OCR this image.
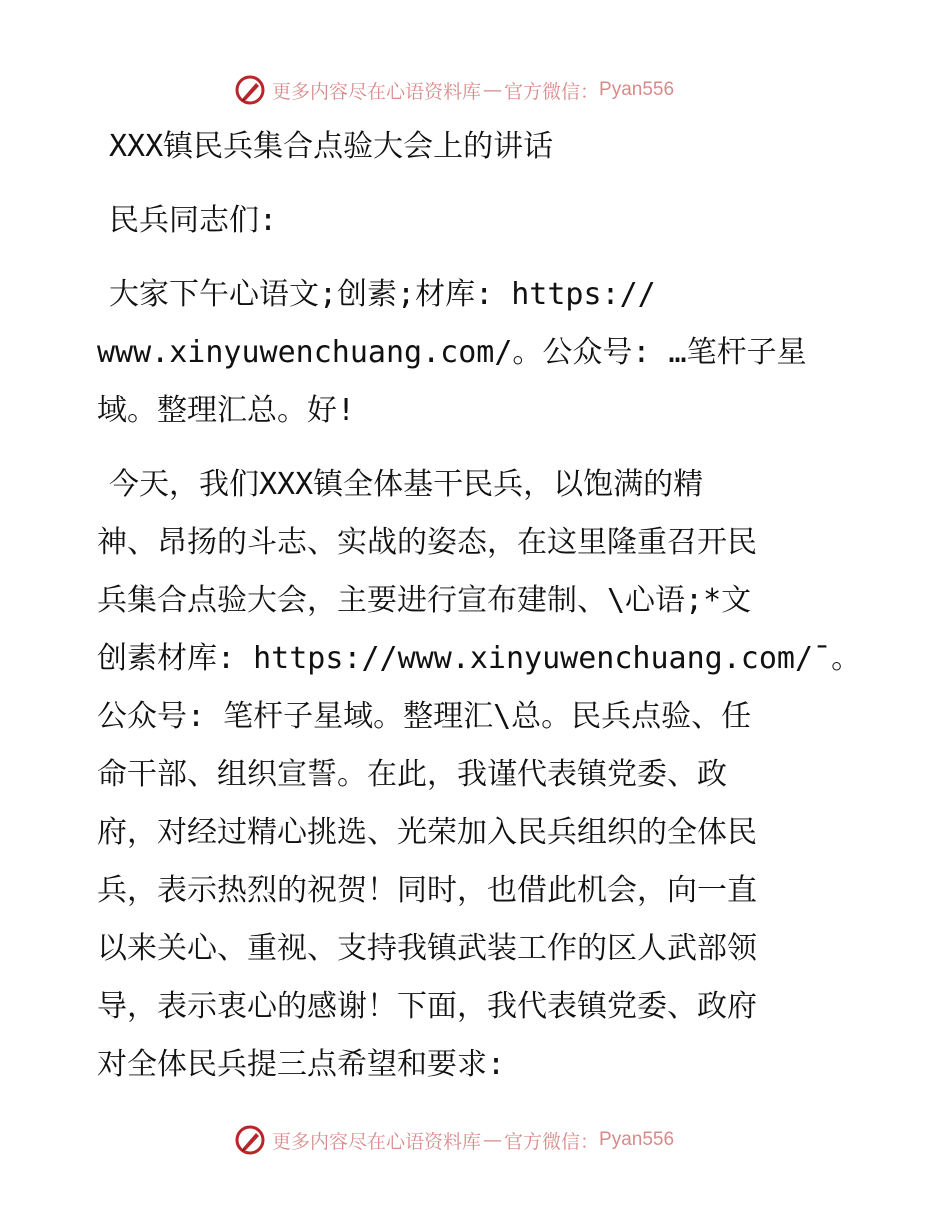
更多内容尽在心语资料库 — 官方微信： Pyan556
XXX镇民兵集合点验大会上的讲话
民兵同志们:
大家下午心语文;创素;材库: https://
www.xinyuwenchuang.com/。公众号: …笔杆子星
域。整理汇总。好!
今天，我们XXX镇全体基干民兵，以饱满的精
神、昂扬的斗志、实战的姿态，在这里隆重召开民
兵集合点验大会，主要进行宣布建制、\心语;*文
创素材库: https://www.xinyuwenchuang.com/¯。
公众号: 笔杆子星域。整理汇\总。民兵点验、任
命干部、组织宣誓。在此，我谨代表镇党委、政
府，对经过精心挑选、光荣加入民兵组织的全体民
兵，表示热烈的祝贺！同时，也借此机会，向一直
以来关心、重视、支持我镇武装工作的区人武部领
导，表示衷心的感谢！下面，我代表镇党委、政府
对全体民兵提三点希望和要求:
更多内容尽在心语资料库 — 官方微信： Pyan556
